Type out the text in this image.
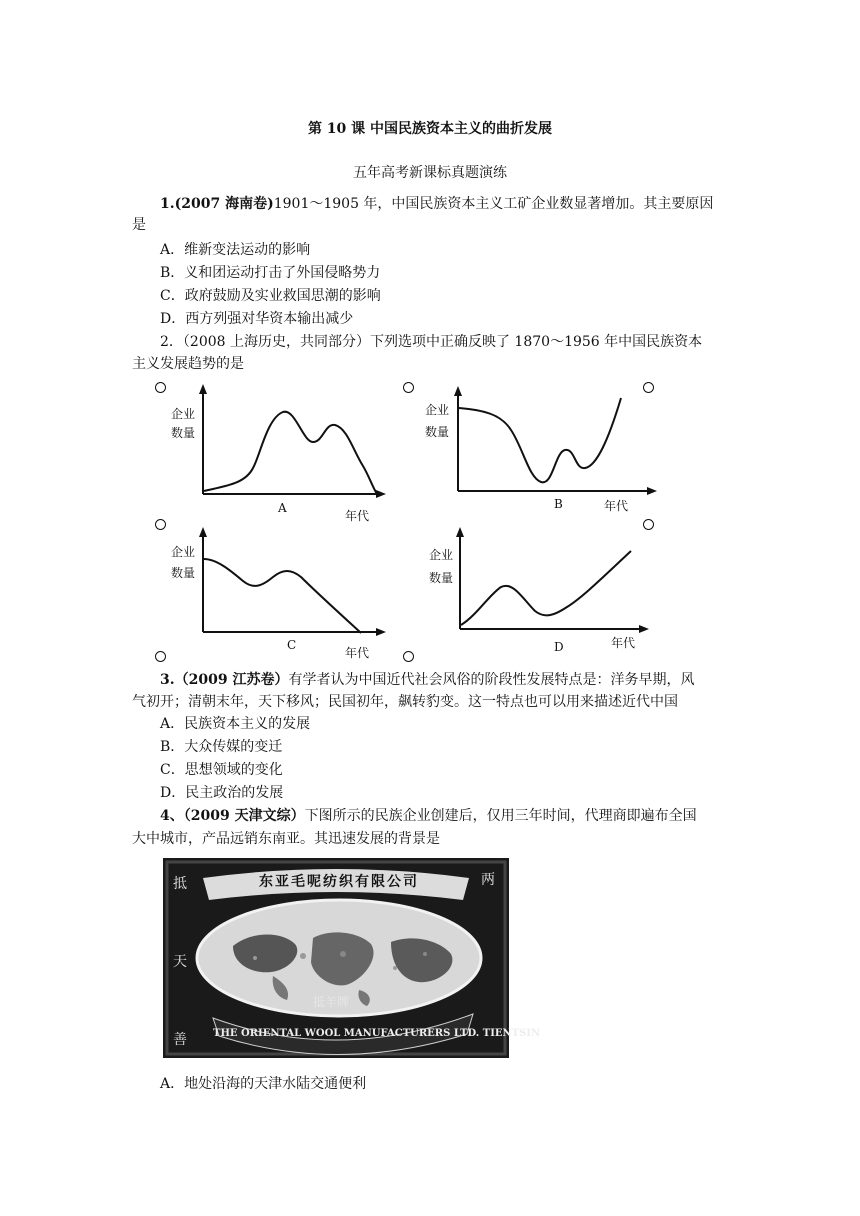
第 10 课 中国民族资本主义的曲折发展
五年高考新课标真题演练
1.(2007 海南卷)1901～1905 年，中国民族资本主义工矿企业数显著增加。其主要原因
是
A．维新变法运动的影响
B．义和团运动打击了外国侵略势力
C．政府鼓励及实业救国思潮的影响
D．西方列强对华资本输出减少
2．（2008 上海历史，共同部分）下列选项中正确反映了 1870～1956 年中国民族资本
主义发展趋势的是
企业
数量
A
年代
企业
数量
B	年代
企业
数量
C
年代
企业
数量
D	年代
3.（2009 江苏卷）有学者认为中国近代社会风俗的阶段性发展特点是：洋务早期，风
气初开；清朝末年，天下移风；民国初年，飙转豹变。这一特点也可以用来描述近代中国
A．民族资本主义的发展
B．大众传媒的变迁
C．思想领域的变化
D．民主政治的发展
4、（2009 天津文综）下图所示的民族企业创建后，仅用三年时间，代理商即遍布全国
大中城市，产品远销东南亚。其迅速发展的背景是
东亚毛呢纺织有限公司
抵羊牌
THE ORIENTAL WOOL MANUFACTURERS LTD. TIENTSIN
抵
天
善
两
A．地处沿海的天津水陆交通便利
